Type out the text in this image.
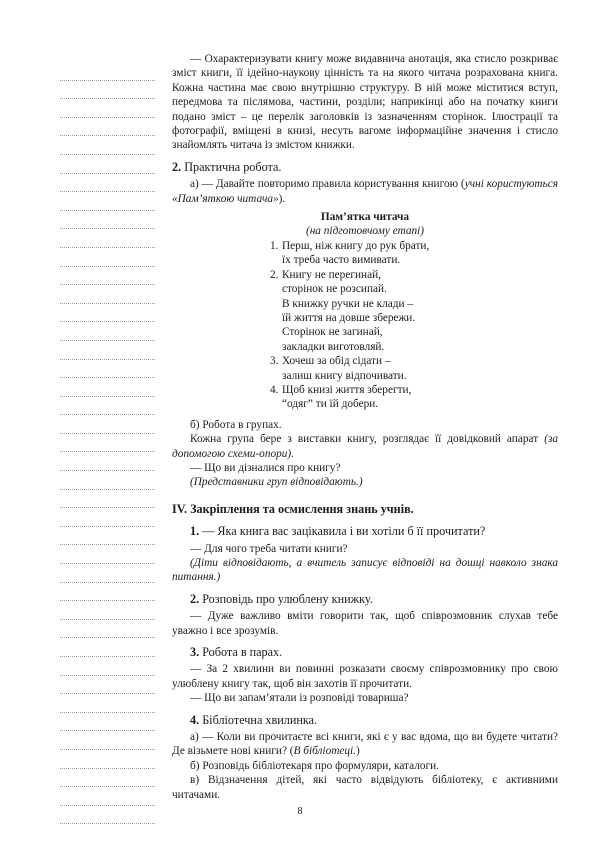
— Охарактеризувати книгу може видавнича анотація, яка стисло розкриває зміст книги, її ідейно-наукову цінність та на якого читача розрахована книга. Кожна частина має свою внутрішню структуру. В ній може міститися вступ, передмова та післямова, частини, розділи; наприкінці або на початку книги подано зміст – це перелік заголовків із зазначенням сторінок. Ілюстрації та фотографії, вміщені в книзі, несуть вагоме інформаційне значення і стисло знайомлять читача із змістом книжки.

2. Практична робота.

а) — Давайте повторимо правила користування книгою (учні користуються «Пам’яткою читача»).

Пам’ятка читача

(на підготовчому етапі)

1. Перш, ніж книгу до рук брати,
їх треба часто вимивати.
2. Книгу не перегинай,
сторінок не розсипай.
В книжку ручки не клади –
їй життя на довше збережи.
Сторінок не загинай,
закладки виготовляй.
3. Хочеш за обід сідати –
залиш книгу відпочивати.
4. Щоб книзі життя зберегти,
“одяг” ти їй добери.

б) Робота в групах.

Кожна група бере з виставки книгу, розглядає її довідковий апарат (за допомогою схеми-опори).

— Що ви дізналися про книгу?

(Представники груп відповідають.)

IV. Закріплення та осмислення знань учнів.

1. — Яка книга вас зацікавила і ви хотіли б її прочитати?

— Для чого треба читати книги?

(Діти відповідають, а вчитель записує відповіді на дошці навколо знака питання.)

2. Розповідь про улюблену книжку.

— Дуже важливо вміти говорити так, щоб співрозмовник слухав тебе уважно і все зрозумів.

3. Робота в парах.

— За 2 хвилини ви повинні розказати своєму співрозмовнику про свою улюблену книгу так, щоб він захотів її прочитати.

— Що ви запам’ятали із розповіді товариша?

4. Бібліотечна хвилинка.

а) — Коли ви прочитаєте всі книги, які є у вас вдома, що ви будете читати? Де візьмете нові книги? (В бібліотеці.)

б) Розповідь бібліотекаря про формуляри, каталоги.

в) Відзначення дітей, які часто відвідують бібліотеку, є активними читачами.

8
